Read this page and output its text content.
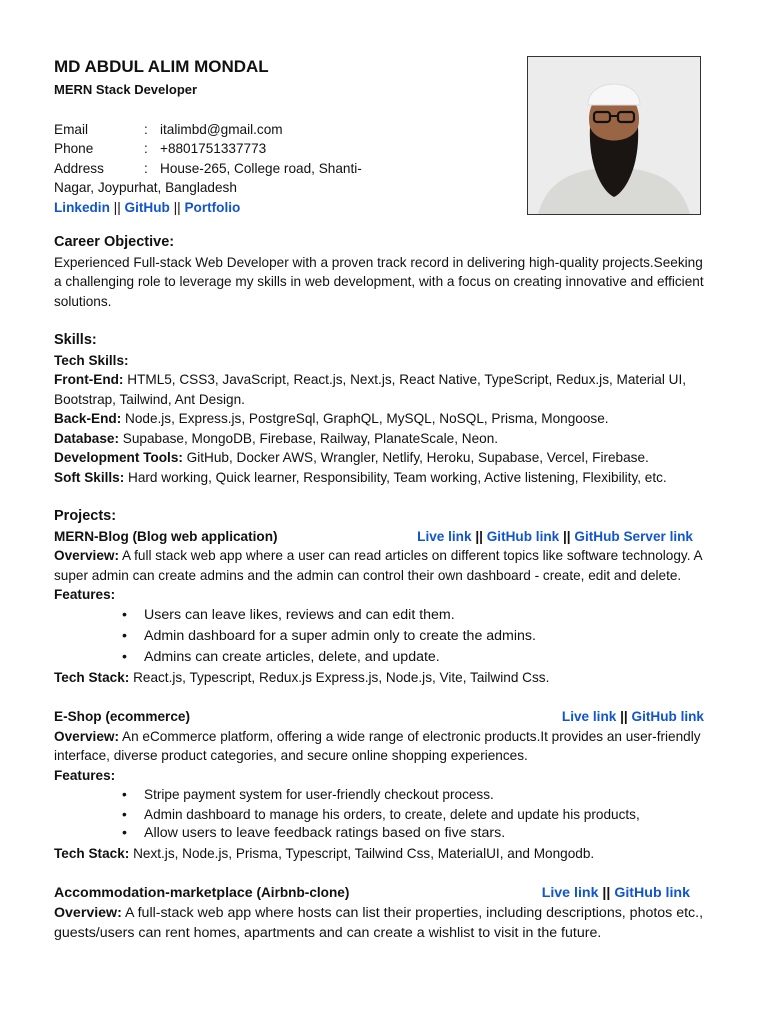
MD ABDUL ALIM MONDAL
MERN Stack Developer
Email	: italimbd@gmail.com
Phone	: +8801751337773
Address	: House-265, College road, Shanti-
Nagar, Joypurhat, Bangladesh
Linkedin || GitHub || Portfolio
Career Objective:
Experienced Full-stack Web Developer with a proven track record in delivering high-quality projects.Seeking a challenging role to leverage my skills in web development, with a focus on creating innovative and efficient solutions.
Skills:
Tech Skills:
Front-End: HTML5, CSS3, JavaScript, React.js, Next.js, React Native, TypeScript, Redux.js, Material UI, Bootstrap, Tailwind, Ant Design.
Back-End: Node.js, Express.js, PostgreSql, GraphQL, MySQL, NoSQL, Prisma, Mongoose.
Database: Supabase, MongoDB, Firebase, Railway, PlanateScale, Neon.
Development Tools: GitHub, Docker AWS, Wrangler, Netlify, Heroku, Supabase, Vercel, Firebase.
Soft Skills: Hard working, Quick learner, Responsibility, Team working, Active listening, Flexibility, etc.
Projects:
MERN-Blog (Blog web application)	Live link || GitHub link || GitHub Server link
Overview: A full stack web app where a user can read articles on different topics like software technology. A super admin can create admins and the admin can control their own dashboard - create, edit and delete.
Features:
• Users can leave likes, reviews and can edit them.
• Admin dashboard for a super admin only to create the admins.
• Admins can create articles, delete, and update.
Tech Stack: React.js, Typescript, Redux.js Express.js, Node.js, Vite, Tailwind Css.
E-Shop (ecommerce)	Live link || GitHub link
Overview: An eCommerce platform, offering a wide range of electronic products.It provides an user-friendly interface, diverse product categories, and secure online shopping experiences.
Features:
• Stripe payment system for user-friendly checkout process.
• Admin dashboard to manage his orders, to create, delete and update his products,
• Allow users to leave feedback ratings based on five stars.
Tech Stack: Next.js, Node.js, Prisma, Typescript, Tailwind Css, MaterialUI, and Mongodb.
Accommodation-marketplace (Airbnb-clone)	Live link || GitHub link
Overview: A full-stack web app where hosts can list their properties, including descriptions, photos etc., guests/users can rent homes, apartments and can create a wishlist to visit in the future.
